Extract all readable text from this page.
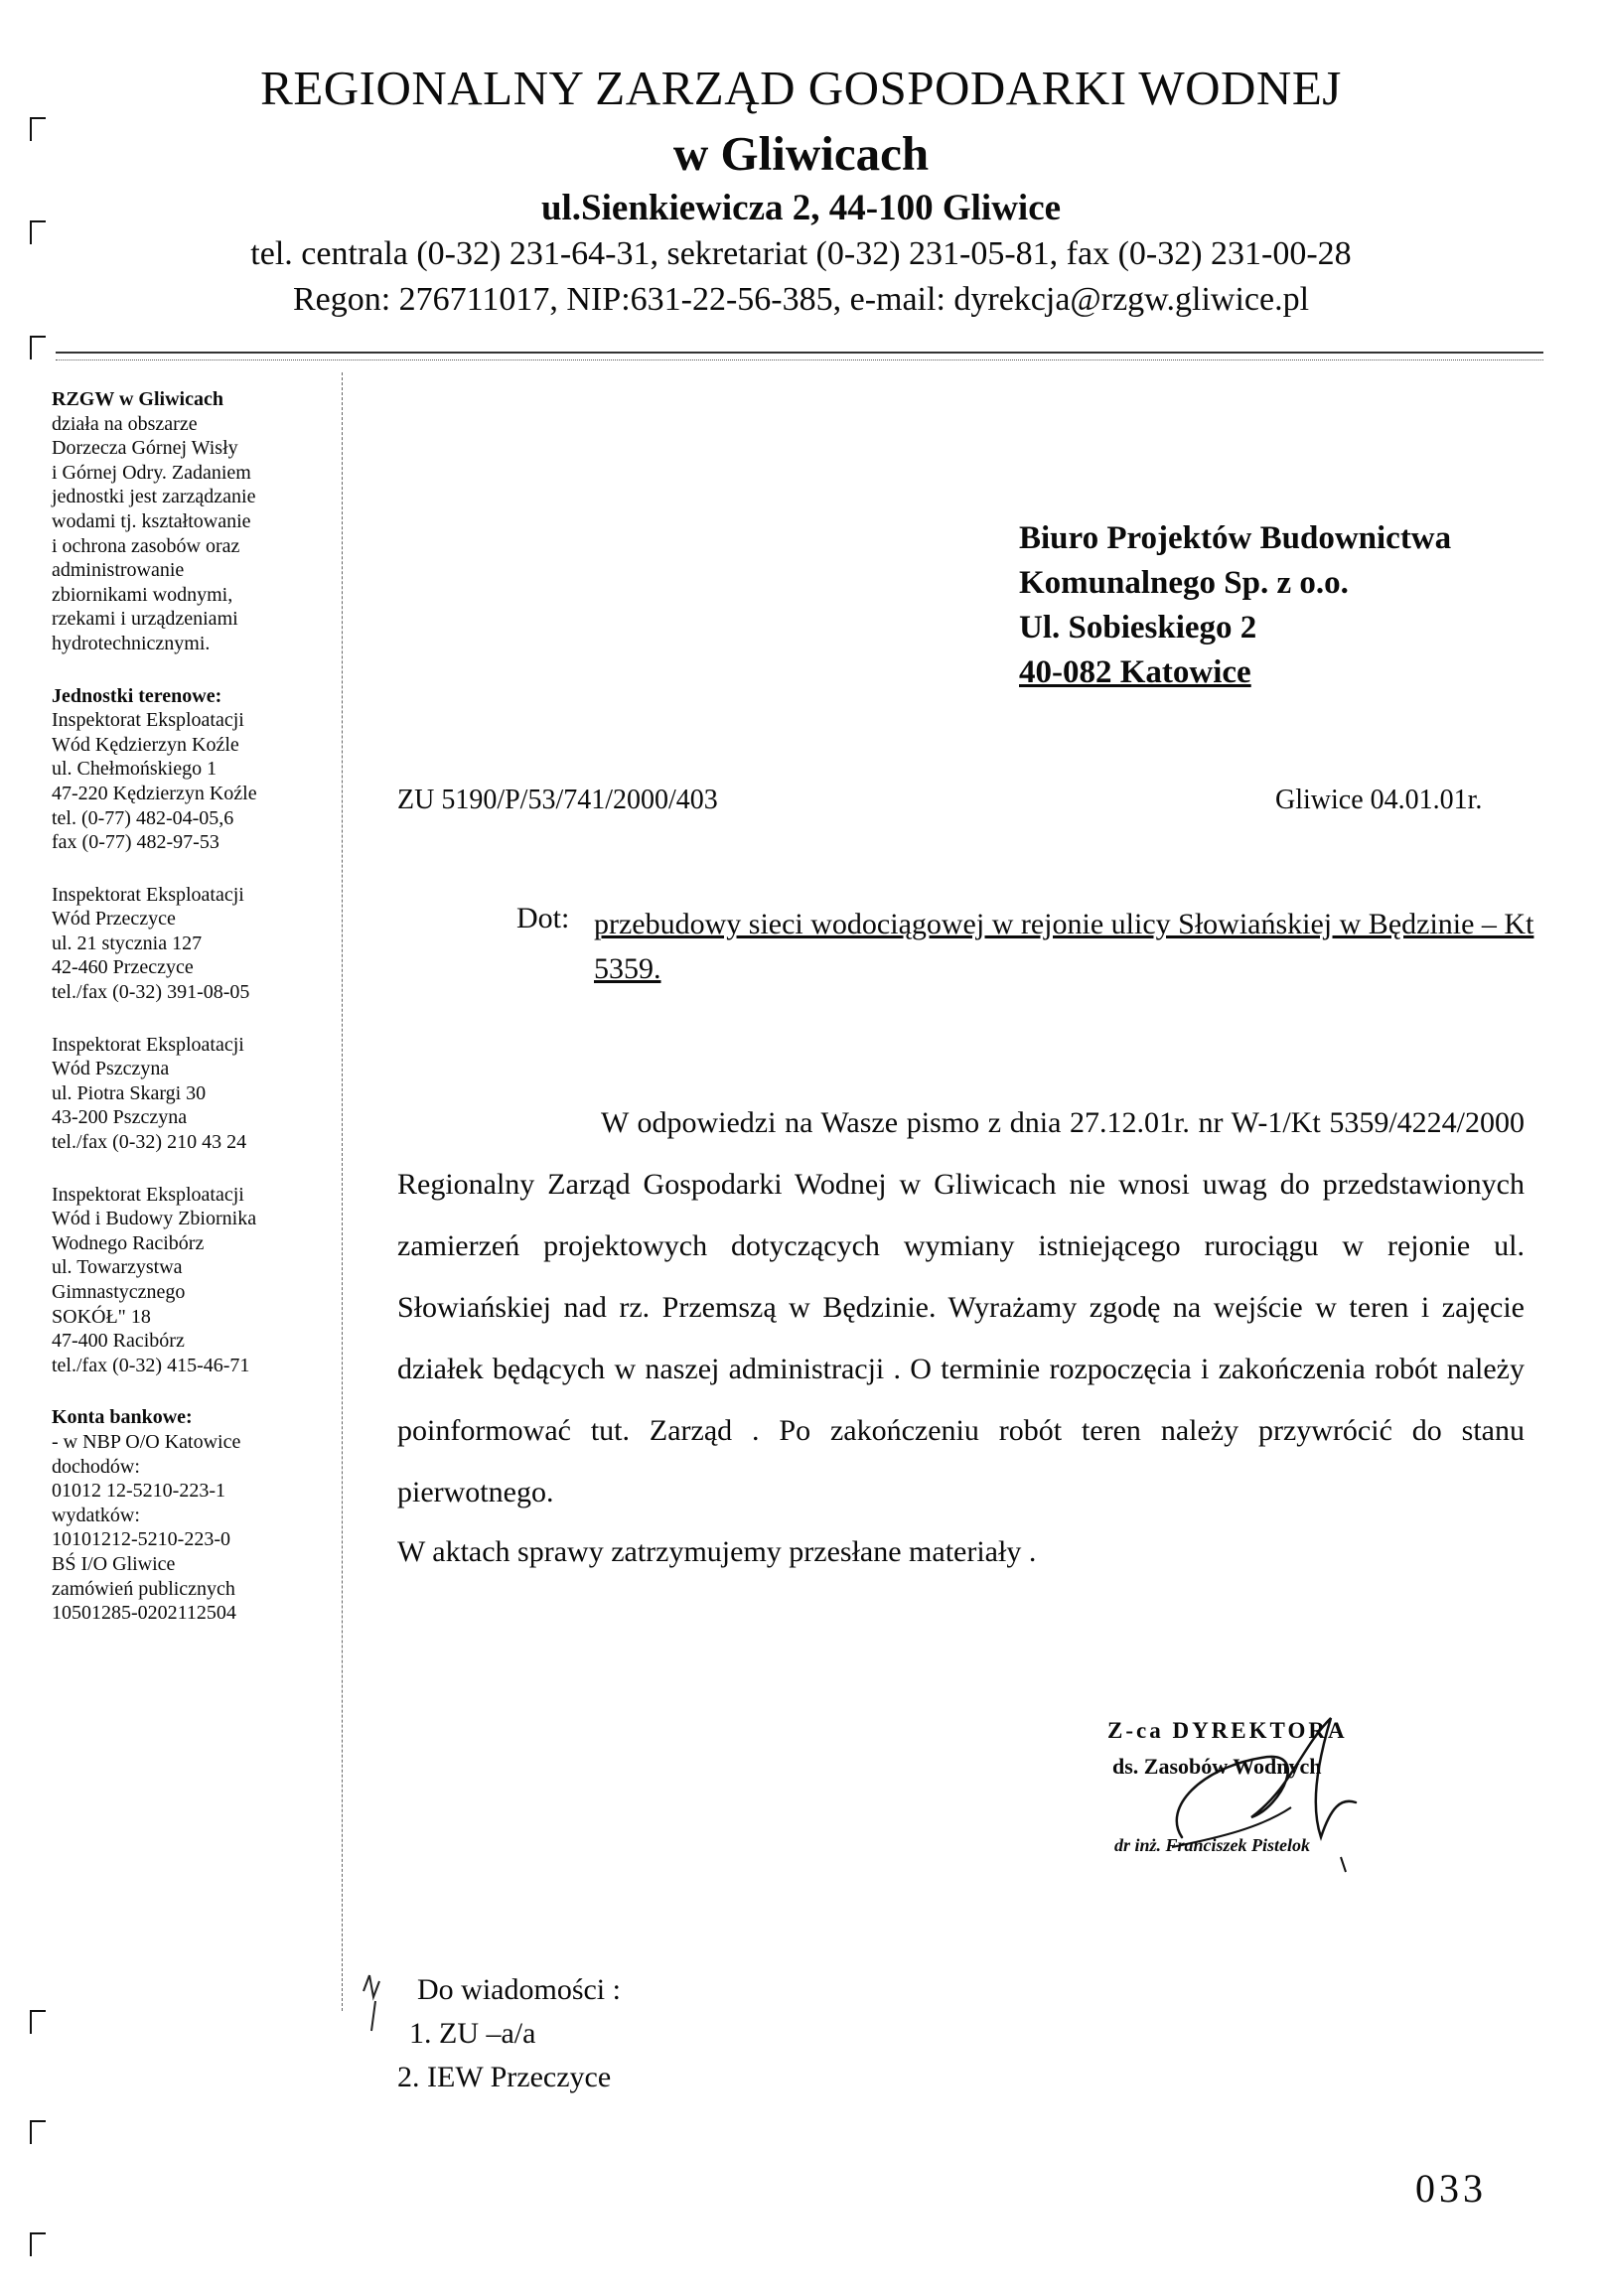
REGIONALNY ZARZĄD GOSPODARKI WODNEJ
w Gliwicach
ul.Sienkiewicza 2, 44-100 Gliwice
tel. centrala (0-32) 231-64-31, sekretariat (0-32) 231-05-81, fax (0-32) 231-00-28
Regon: 276711017, NIP:631-22-56-385, e-mail: dyrekcja@rzgw.gliwice.pl

RZGW w Gliwicach
działa na obszarze
Dorzecza Górnej Wisły
i Górnej Odry. Zadaniem
jednostki jest zarządzanie
wodami tj. kształtowanie
i ochrona zasobów oraz
administrowanie
zbiornikami wodnymi,
rzekami i urządzeniami
hydrotechnicznymi.

Jednostki terenowe:
Inspektorat Eksploatacji
Wód Kędzierzyn Koźle
ul. Chełmońskiego 1
47-220 Kędzierzyn Koźle
tel. (0-77) 482-04-05,6
fax (0-77) 482-97-53

Inspektorat Eksploatacji
Wód Przeczyce
ul. 21 stycznia 127
42-460 Przeczyce
tel./fax (0-32) 391-08-05

Inspektorat Eksploatacji
Wód Pszczyna
ul. Piotra Skargi 30
43-200 Pszczyna
tel./fax (0-32) 210 43 24

Inspektorat Eksploatacji
Wód i Budowy Zbiornika
Wodnego Racibórz
ul. Towarzystwa
Gimnastycznego
SOKÓŁ" 18
47-400 Racibórz
tel./fax (0-32) 415-46-71

Konta bankowe:
- w NBP O/O Katowice
dochodów:
01012 12-5210-223-1
wydatków:
10101212-5210-223-0
BŚ I/O Gliwice
zamówień publicznych
10501285-0202112504

Biuro Projektów Budownictwa
Komunalnego Sp. z o.o.
Ul. Sobieskiego 2
40-082 Katowice
ZU 5190/P/53/741/2000/403	Gliwice 04.01.01r.
Dot: przebudowy sieci wodociągowej w rejonie ulicy Słowiańskiej w Będzinie – Kt 5359.

W odpowiedzi na Wasze pismo z dnia 27.12.01r. nr W-1/Kt 5359/4224/2000 Regionalny Zarząd Gospodarki Wodnej w Gliwicach nie wnosi uwag do przedstawionych zamierzeń projektowych dotyczących wymiany istniejącego rurociągu w rejonie ul. Słowiańskiej nad rz. Przemszą w Będzinie. Wyrażamy zgodę na wejście w teren i zajęcie działek będących w naszej administracji . O terminie rozpoczęcia i zakończenia robót należy poinformować tut. Zarząd . Po zakończeniu robót teren należy przywrócić do stanu pierwotnego.

W aktach sprawy zatrzymujemy przesłane materiały .

Z-ca DYREKTORA
ds. Zasobów Wodnych
dr inż. Franciszek Pistelok
Do wiadomości :
1. ZU –a/a
2. IEW Przeczyce
033
